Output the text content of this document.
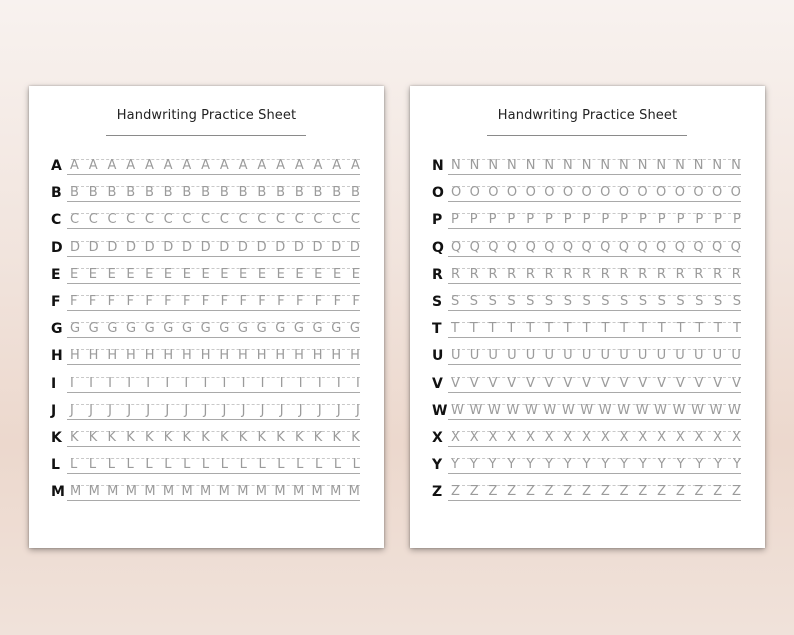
Handwriting Practice Sheet
A A A A A A A A A A A A A A A A A
B B B B B B B B B B B B B B B B B
C C C C C C C C C C C C C C C C C
D D D D D D D D D D D D D D D D D
E E E E E E E E E E E E E E E E E
F F F F F F F F F F F F F F F F F
G G G G G G G G G G G G G G G G G
H H H H H H H H H H H H H H H H H
I	I I I I I I I I I I I I I I I I
J	J J J J J J J J J J J J J J J J
K K K K K K K K K K K K K K K K K
L L L L L L L L L L L L L L L L L
M M M M M M M M M M M M M M M M M
Handwriting Practice Sheet
N N N N N N N N N N N N N N N N N
O O O O O O O O O O O O O O O O O
P P P P P P P P P P P P P P P P P
Q Q Q Q Q Q Q Q Q Q Q Q Q Q Q Q Q
R R R R R R R R R R R R R R R R R
S S S S S S S S S S S S S S S S S
T T T T T T T T T T T T T T T T T
U U U U U U U U U U U U U U U U U
V V V V V V V V V V V V V V V V V
W W W W W W W W W W W W W W W W W
X X X X X X X X X X X X X X X X X
Y Y Y Y Y Y Y Y Y Y Y Y Y Y Y Y Y
Z Z Z Z Z Z Z Z Z Z Z Z Z Z Z Z Z
